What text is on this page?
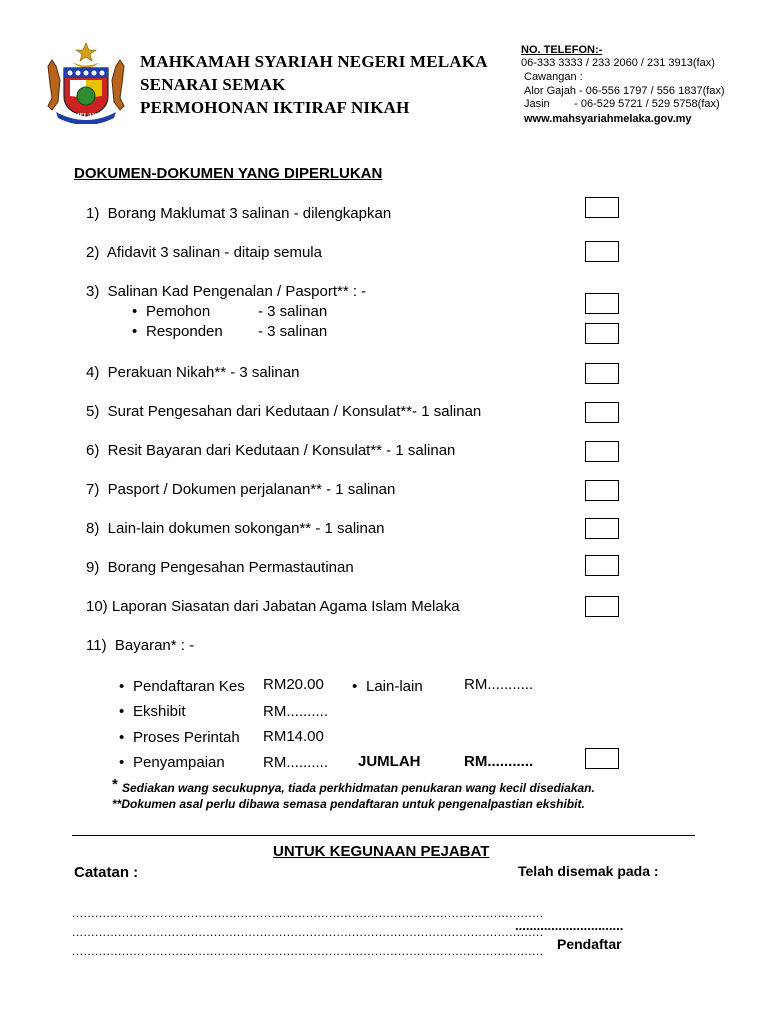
MELAKA
MAHKAMAH SYARIAH NEGERI MELAKA
SENARAI SEMAK
PERMOHONAN IKTIRAF NIKAH
NO. TELEFON:-
06-333 3333 / 233 2060 / 231 3913(fax)
Cawangan :
Alor Gajah - 06-556 1797 / 556 1837(fax)
Jasin        - 06-529 5721 / 529 5758(fax)
www.mahsyariahmelaka.gov.my
DOKUMEN-DOKUMEN YANG DIPERLUKAN
1)  Borang Maklumat 3 salinan - dilengkapkan
2)  Afidavit 3 salinan - ditaip semula
3)  Salinan Kad Pengenalan / Pasport** : -
• Pemohon	- 3 salinan
• Responden - 3 salinan
4)  Perakuan Nikah** - 3 salinan
5)  Surat Pengesahan dari Kedutaan / Konsulat**- 1 salinan
6)  Resit Bayaran dari Kedutaan / Konsulat** - 1 salinan
7)  Pasport / Dokumen perjalanan** - 1 salinan
8)  Lain-lain dokumen sokongan** - 1 salinan
9)  Borang Pengesahan Permastautinan
10) Laporan Siasatan dari Jabatan Agama Islam Melaka
11)  Bayaran* : -
• Pendaftaran Kes RM20.00
•	Lain-lain	RM...........
• Ekshibit	RM..........
• Proses Perintah RM14.00
• Penyampaian	RM.......... JUMLAH	RM...........
* Sediakan wang secukupnya, tiada perkhidmatan penukaran wang kecil disediakan.
**Dokumen asal perlu dibawa semasa pendaftaran untuk pengenalpastian ekshibit.
UNTUK KEGUNAAN PEJABAT
Catatan :	Telah disemak pada :
...........................................................................................................................
...........................................................................................................................
...........................................................................................................................
..............................
Pendaftar
